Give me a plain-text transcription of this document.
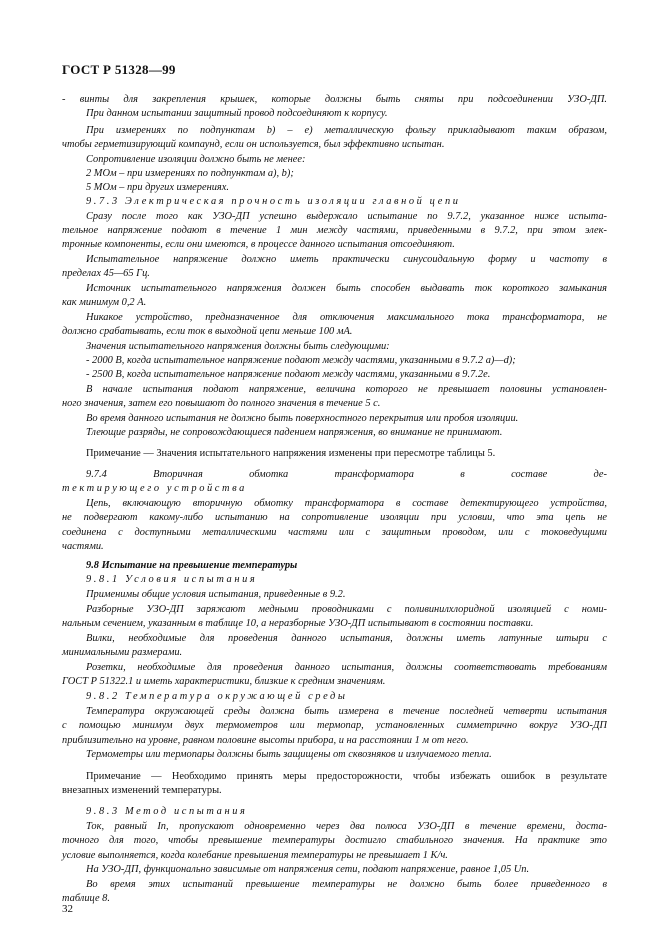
ГОСТ Р 51328—99
- винты для закрепления крышек, которые должны быть сняты при подсоединении УЗО-ДП.
При данном испытании защитный провод подсоединяют к корпусу.
При измерениях по подпунктам b) – e) металлическую фольгу прикладывают таким образом,
чтобы герметизирующий компаунд, если он используется, был эффективно испытан.
Сопротивление изоляции должно быть не менее:
2 МОм – при измерениях по подпунктам a), b);
5 МОм – при других измерениях.
9.7.3 Электрическая прочность изоляции главной цепи
Сразу после того как УЗО-ДП успешно выдержало испытание по 9.7.2, указанное ниже испыта-
тельное напряжение подают в течение 1 мин между частями, приведенными в 9.7.2, при этом элек-
тронные компоненты, если они имеются, в процессе данного испытания отсоединяют.
Испытательное напряжение должно иметь практически синусоидальную форму и частоту в
пределах 45—65 Гц.
Источник испытательного напряжения должен быть способен выдавать ток короткого замыкания
как минимум 0,2 А.
Никакое устройство, предназначенное для отключения максимального тока трансформатора, не
должно срабатывать, если ток в выходной цепи меньше 100 мА.
Значения испытательного напряжения должны быть следующими:
- 2000 В, когда испытательное напряжение подают между частями, указанными в 9.7.2 a)—d);
- 2500 В, когда испытательное напряжение подают между частями, указанными в 9.7.2e.
В начале испытания подают напряжение, величина которого не превышает половины установлен-
ного значения, затем его повышают до полного значения в течение 5 с.
Во время данного испытания не должно быть поверхностного перекрытия или пробоя изоляции.
Тлеющие разряды, не сопровождающиеся падением напряжения, во внимание не принимают.
Примечание — Значения испытательного напряжения изменены при пересмотре таблицы 5.
9.7.4 Вторичная обмотка трансформатора в составе де-
тектирующего устройства
Цепь, включающую вторичную обмотку трансформатора в составе детектирующего устройства,
не подвергают какому-либо испытанию на сопротивление изоляции при условии, что эта цепь не
соединена с доступными металлическими частями или с защитным проводом, или с токоведущими
частями.
9.8 Испытание на превышение температуры
9.8.1 Условия испытания
Применимы общие условия испытания, приведенные в 9.2.
Разборные УЗО-ДП заряжают медными проводниками с поливинилхлоридной изоляцией с номи-
нальным сечением, указанным в таблице 10, а неразборные УЗО-ДП испытывают в состоянии поставки.
Вилки, необходимые для проведения данного испытания, должны иметь латунные штыри с
минимальными размерами.
Розетки, необходимые для проведения данного испытания, должны соответствовать требованиям
ГОСТ Р 51322.1 и иметь характеристики, близкие к средним значениям.
9.8.2 Температура окружающей среды
Температура окружающей среды должна быть измерена в течение последней четверти испытания
с помощью минимум двух термометров или термопар, установленных симметрично вокруг УЗО-ДП
приблизительно на уровне, равном половине высоты прибора, и на расстоянии 1 м от него.
Термометры или термопары должны быть защищены от сквозняков и излучаемого тепла.
Примечание — Необходимо принять меры предосторожности, чтобы избежать ошибок в результате
внезапных изменений температуры.
9.8.3 Метод испытания
Ток, равный Iп, пропускают одновременно через два полюса УЗО-ДП в течение времени, доста-
точного для того, чтобы превышение температуры достигло стабильного значения. На практике это
условие выполняется, когда колебание превышения температуры не превышает 1 К/ч.
На УЗО-ДП, функционально зависимые от напряжения сети, подают напряжение, равное 1,05 Uп.
Во время этих испытаний превышение температуры не должно быть более приведенного в
таблице 8.
32
